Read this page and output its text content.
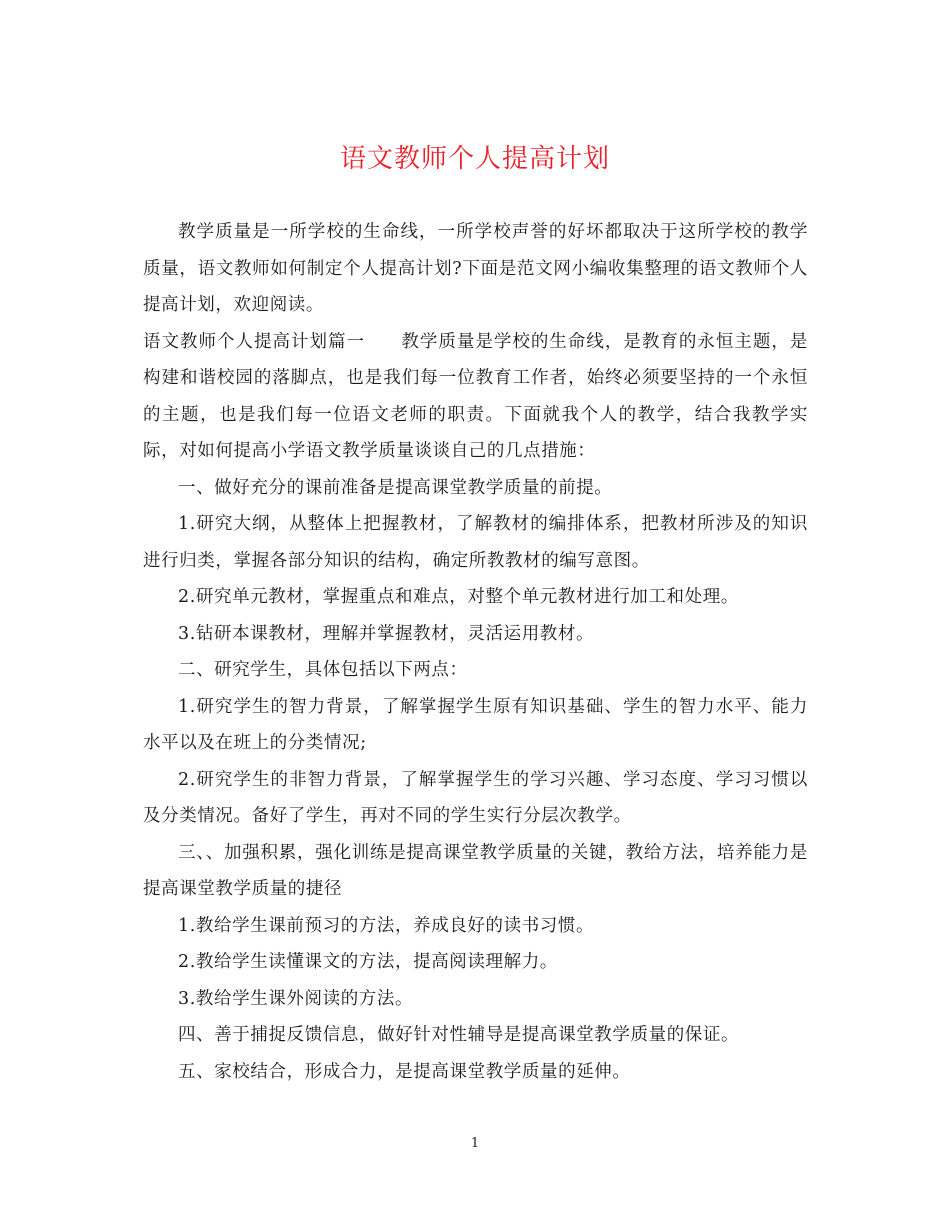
语文教师个人提高计划

教学质量是一所学校的生命线，一所学校声誉的好坏都取决于这所学校的教学质量，语文教师如何制定个人提高计划?下面是范文网小编收集整理的语文教师个人提高计划，欢迎阅读。

语文教师个人提高计划篇一 教学质量是学校的生命线，是教育的永恒主题，是构建和谐校园的落脚点，也是我们每一位教育工作者，始终必须要坚持的一个永恒的主题，也是我们每一位语文老师的职责。下面就我个人的教学，结合我教学实际，对如何提高小学语文教学质量谈谈自己的几点措施：

一、做好充分的课前准备是提高课堂教学质量的前提。

1.研究大纲，从整体上把握教材，了解教材的编排体系，把教材所涉及的知识进行归类，掌握各部分知识的结构，确定所教教材的编写意图。

2.研究单元教材，掌握重点和难点，对整个单元教材进行加工和处理。

3.钻研本课教材，理解并掌握教材，灵活运用教材。

二、研究学生，具体包括以下两点：

1.研究学生的智力背景，了解掌握学生原有知识基础、学生的智力水平、能力水平以及在班上的分类情况;

2.研究学生的非智力背景，了解掌握学生的学习兴趣、学习态度、学习习惯以及分类情况。备好了学生，再对不同的学生实行分层次教学。

三、、加强积累，强化训练是提高课堂教学质量的关键，教给方法，培养能力是提高课堂教学质量的捷径

1.教给学生课前预习的方法，养成良好的读书习惯。

2.教给学生读懂课文的方法，提高阅读理解力。

3.教给学生课外阅读的方法。

四、善于捕捉反馈信息，做好针对性辅导是提高课堂教学质量的保证。

五、家校结合，形成合力，是提高课堂教学质量的延伸。

1
